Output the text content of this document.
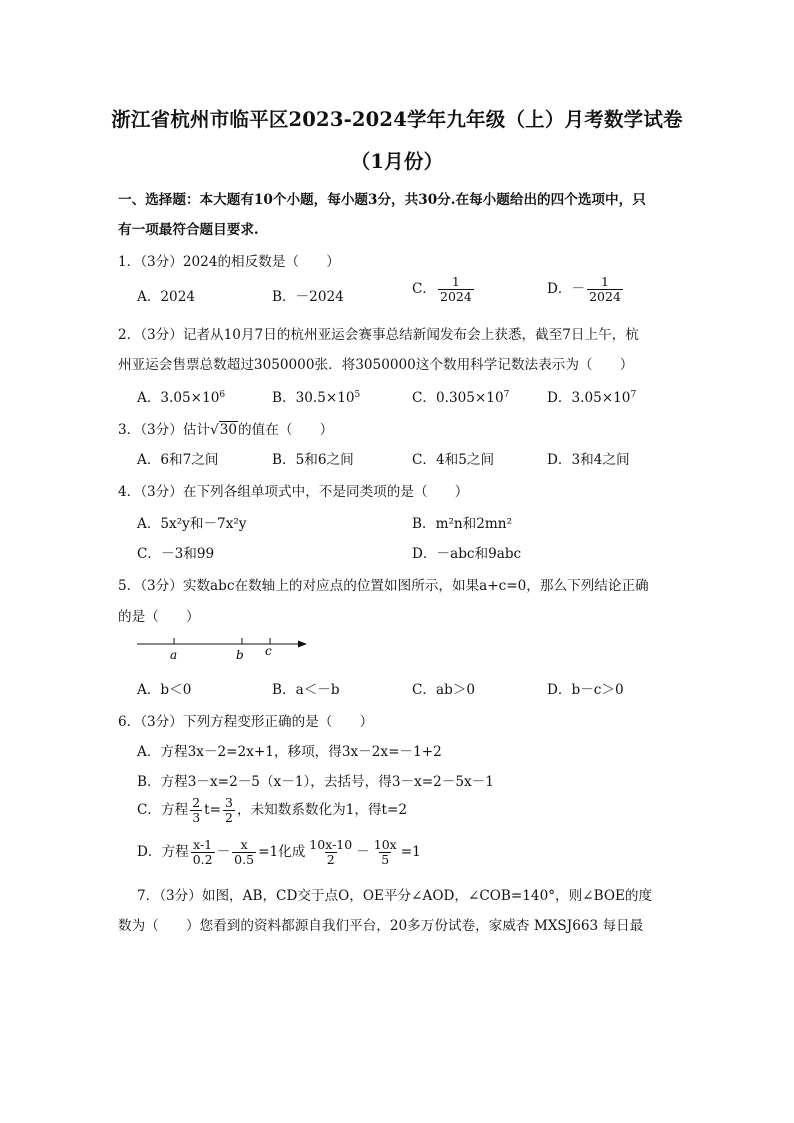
浙江省杭州市临平区2023-2024学年九年级（上）月考数学试卷
（1月份）
一、选择题：本大题有10个小题，每小题3分，共30分.在每小题给出的四个选项中，只
有一项最符合题目要求.
1．（3分）2024的相反数是（　　）
A．2024	B．－2024	C． $\frac{1}{2024}$	D．－ $\frac{1}{2024}$
2．（3分）记者从10月7日的杭州亚运会赛事总结新闻发布会上获悉，截至7日上午，杭
州亚运会售票总数超过3050000张．将3050000这个数用科学记数法表示为（　　）
A．$3.05\times 10^6$	B．$30.5\times 10^5$	C．$0.305\times 10^7$	D．$3.05\times 10^7$
3．（3分）估计√30的值在（　　）
A．6和7之间	B．5和6之间	C．4和5之间	D．3和4之间
4．（3分）在下列各组单项式中，不是同类项的是（　　）
A．5x²y和－7x²y	B．m²n和2mn²
C．－3和99	D．－abc和9abc
5．（3分）实数abc在数轴上的对应点的位置如图所示，如果a+c=0，那么下列结论正确
的是（　　）
a	b c
A．b＜0	B．a＜－b	C．ab＞0	D．b－c＞0
6．（3分）下列方程变形正确的是（　　）
A．方程3x－2=2x+1，移项，得3x－2x=－1+2
B．方程3－x=2－5（x－1），去括号，得3－x=2－5x－1
C．方程 $\frac{2}{3} t= \frac{3}{2}$ ，未知数系数化为1，得t=2
D．方程 $\frac{x-1}{0.2} - \frac{x}{0.5} =1$化成 $\frac{10x-10}{2} - \frac{10x}{5} =1$
7．（3分）如图，AB，CD交于点O，OE平分∠AOD，∠COB=140°，则∠BOE的度
数为（　　）您看到的资料都源自我们平台，20多万份试卷，家威杏 MXSJ663 每日最
